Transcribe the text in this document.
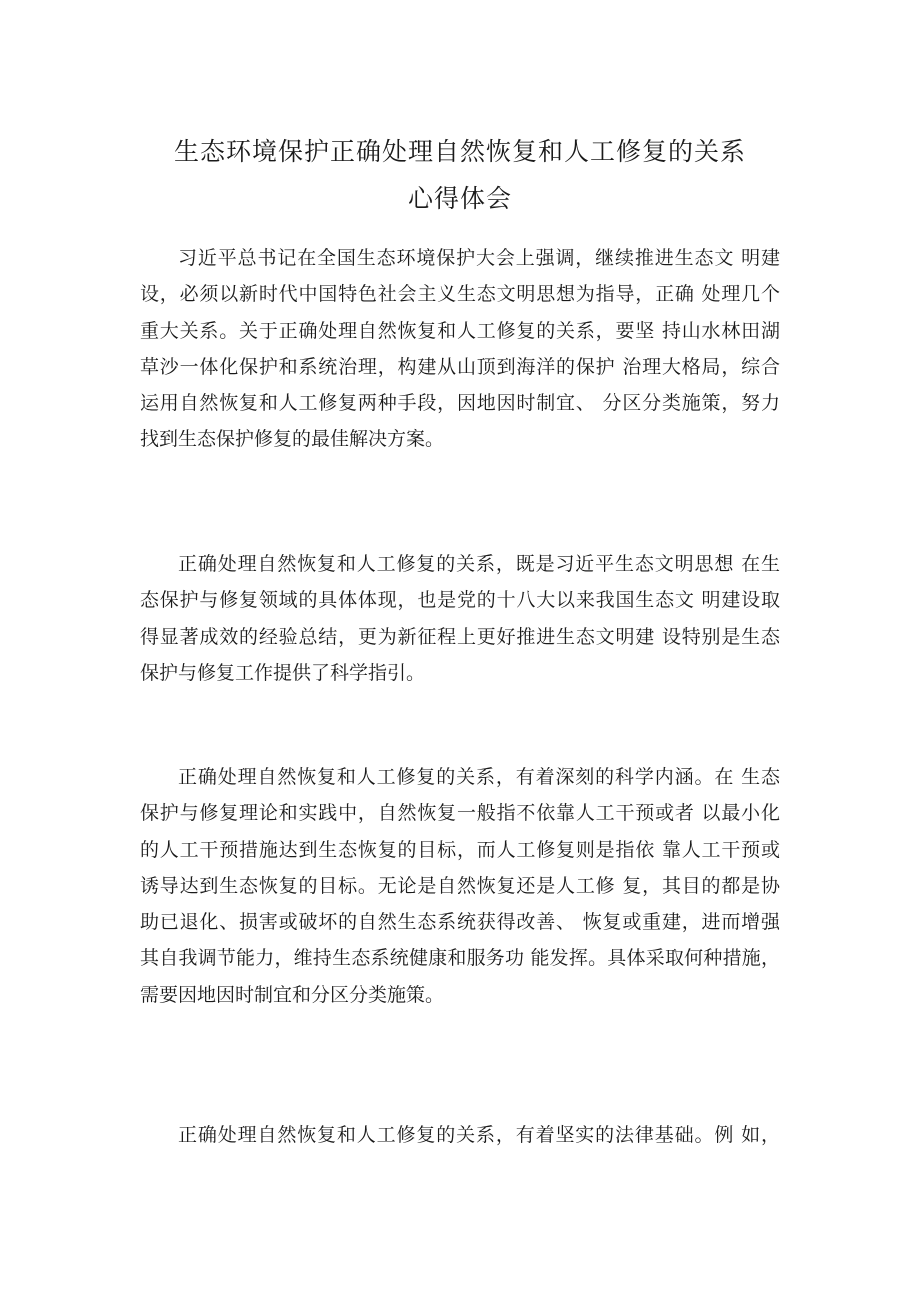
生态环境保护正确处理自然恢复和人工修复的关系
心得体会
习近平总书记在全国生态环境保护大会上强调，继续推进生态文 明建
设，必须以新时代中国特色社会主义生态文明思想为指导，正确 处理几个
重大关系。关于正确处理自然恢复和人工修复的关系，要坚 持山水林田湖
草沙一体化保护和系统治理，构建从山顶到海洋的保护 治理大格局，综合
运用自然恢复和人工修复两种手段，因地因时制宜、 分区分类施策，努力
找到生态保护修复的最佳解决方案。
正确处理自然恢复和人工修复的关系，既是习近平生态文明思想 在生
态保护与修复领域的具体体现，也是党的十八大以来我国生态文 明建设取
得显著成效的经验总结，更为新征程上更好推进生态文明建 设特别是生态
保护与修复工作提供了科学指引。
正确处理自然恢复和人工修复的关系，有着深刻的科学内涵。在 生态
保护与修复理论和实践中，自然恢复一般指不依靠人工干预或者 以最小化
的人工干预措施达到生态恢复的目标，而人工修复则是指依 靠人工干预或
诱导达到生态恢复的目标。无论是自然恢复还是人工修 复，其目的都是协
助已退化、损害或破坏的自然生态系统获得改善、 恢复或重建，进而增强
其自我调节能力，维持生态系统健康和服务功 能发挥。具体采取何种措施，
需要因地因时制宜和分区分类施策。
正确处理自然恢复和人工修复的关系，有着坚实的法律基础。例 如，
